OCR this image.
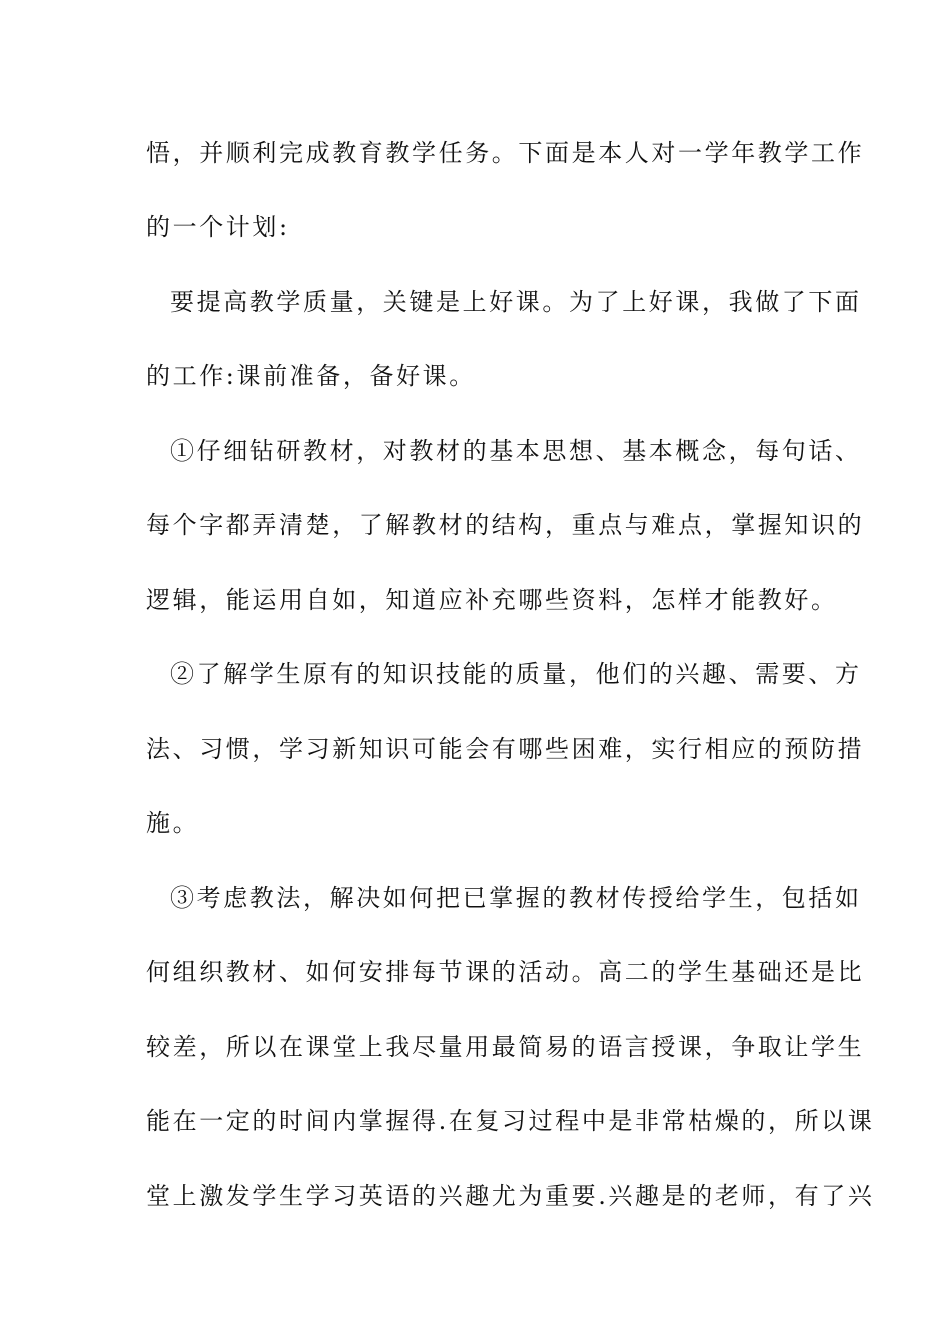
悟，并顺利完成教育教学任务。下面是本人对一学年教学工作
的一个计划:
要提高教学质量，关键是上好课。为了上好课，我做了下面
的工作:课前准备，备好课。
①仔细钻研教材，对教材的基本思想、基本概念，每句话、
每个字都弄清楚，了解教材的结构，重点与难点，掌握知识的
逻辑，能运用自如，知道应补充哪些资料，怎样才能教好。
②了解学生原有的知识技能的质量，他们的兴趣、需要、方
法、习惯，学习新知识可能会有哪些困难，实行相应的预防措
施。
③考虑教法，解决如何把已掌握的教材传授给学生，包括如
何组织教材、如何安排每节课的活动。高二的学生基础还是比
较差，所以在课堂上我尽量用最简易的语言授课，争取让学生
能在一定的时间内掌握得.在复习过程中是非常枯燥的，所以课
堂上激发学生学习英语的兴趣尤为重要.兴趣是的老师，有了兴
